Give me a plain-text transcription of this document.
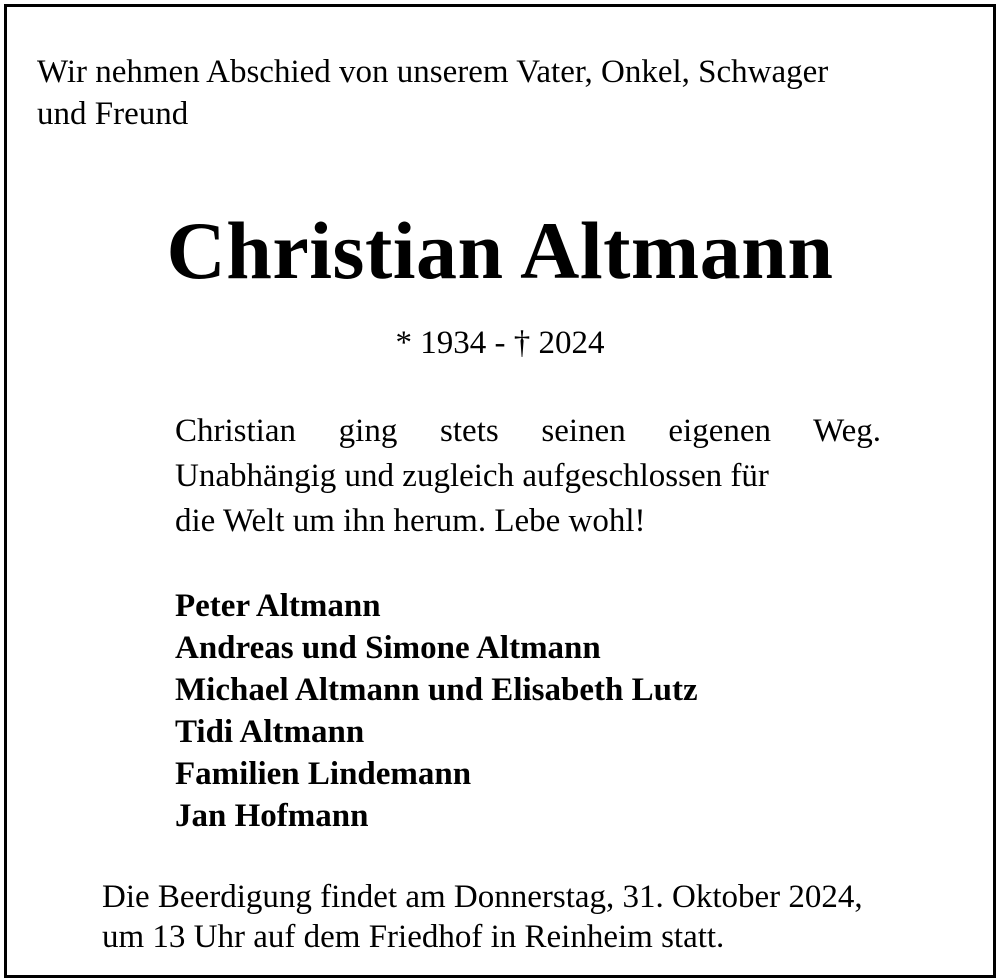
Wir nehmen Abschied von unserem Vater, Onkel, Schwager
und Freund

Christian Altmann

* 1934 - † 2024

Christian ging stets seinen eigenen Weg.
Unabhängig und zugleich aufgeschlossen für
die Welt um ihn herum. Lebe wohl!

Peter Altmann
Andreas und Simone Altmann
Michael Altmann und Elisabeth Lutz
Tidi Altmann
Familien Lindemann
Jan Hofmann

Die Beerdigung findet am Donnerstag, 31. Oktober 2024,
um 13 Uhr auf dem Friedhof in Reinheim statt.
